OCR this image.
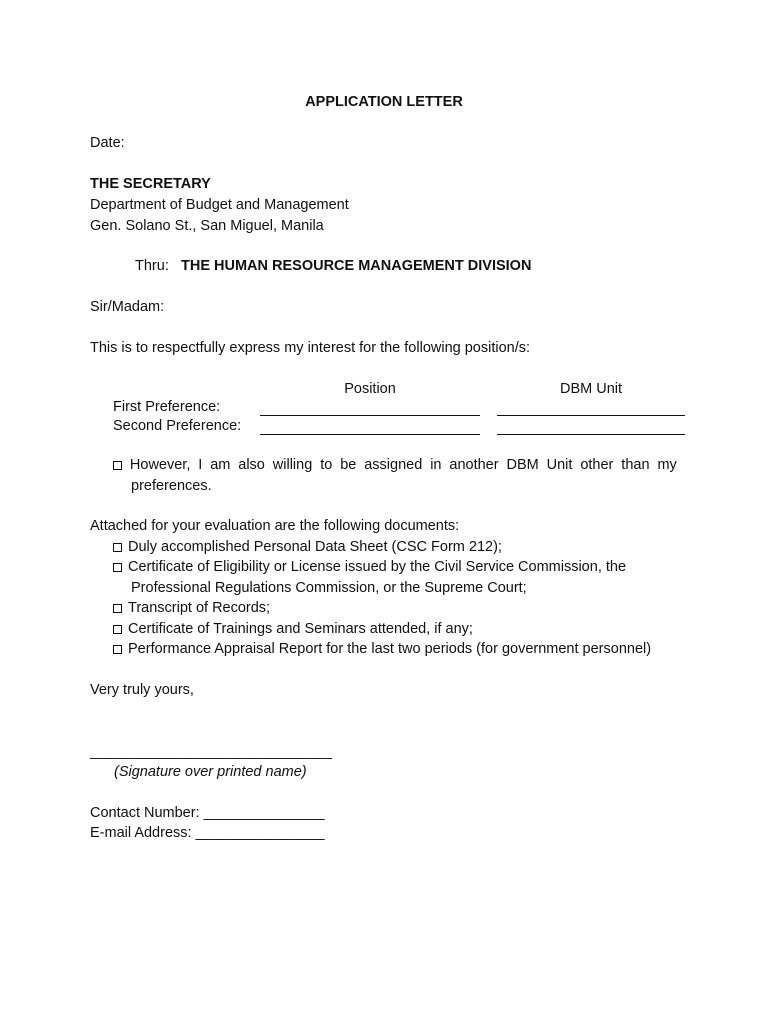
APPLICATION LETTER
Date:
THE SECRETARY
Department of Budget and Management
Gen. Solano St., San Miguel, Manila
Thru: THE HUMAN RESOURCE MANAGEMENT DIVISION
Sir/Madam:
This is to respectfully express my interest for the following position/s:
Position	DBM Unit
First Preference:
Second Preference:
However, I am also willing to be assigned in another DBM Unit other than my
preferences.
Attached for your evaluation are the following documents:
Duly accomplished Personal Data Sheet (CSC Form 212);
Certificate of Eligibility or License issued by the Civil Service Commission, the
Professional Regulations Commission, or the Supreme Court;
Transcript of Records;
Certificate of Trainings and Seminars attended, if any;
Performance Appraisal Report for the last two periods (for government personnel)
Very truly yours,
______________________________
(Signature over printed name)
Contact Number: _______________
E-mail Address: ________________
